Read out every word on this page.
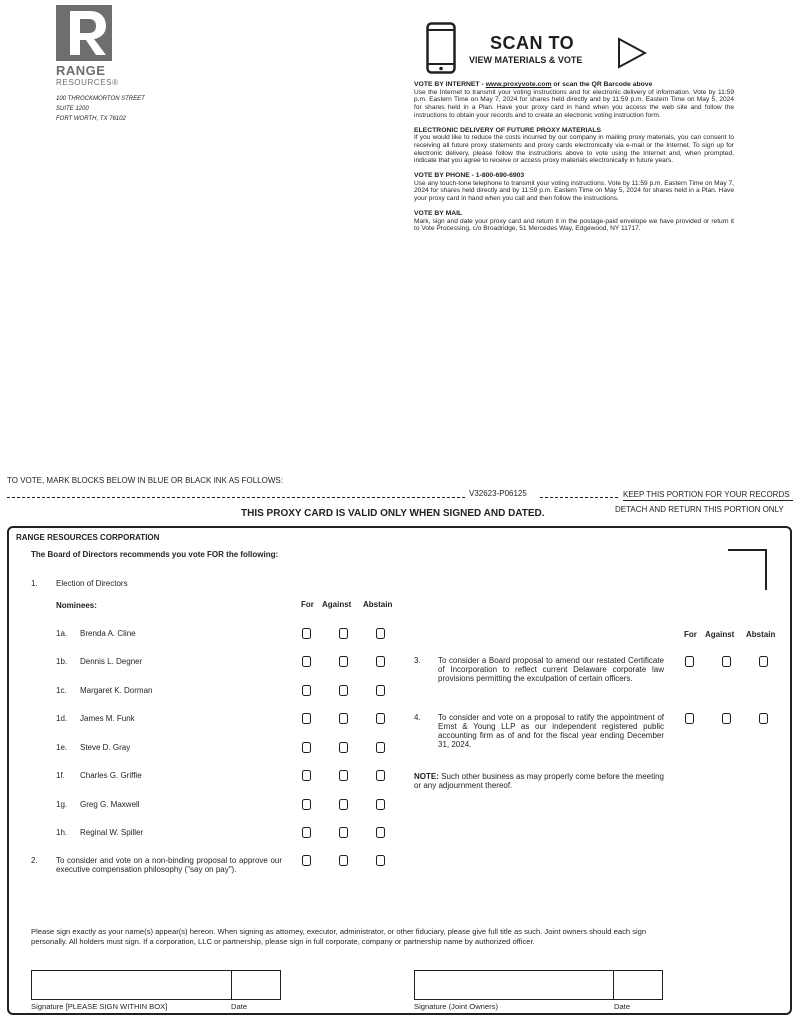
RANGE
RESOURCES®
100 THROCKMORTON STREET
SUITE 1200
FORT WORTH, TX 76102
SCAN TO
VIEW MATERIALS & VOTE
VOTE BY INTERNET - www.proxyvote.com or scan the QR Barcode above
Use the Internet to transmit your voting instructions and for electronic delivery of information. Vote by 11:59 p.m. Eastern Time on May 7, 2024 for shares held directly and by 11:59 p.m. Eastern Time on May 5, 2024 for shares held in a Plan. Have your proxy card in hand when you access the web site and follow the instructions to obtain your records and to create an electronic voting instruction form.
ELECTRONIC DELIVERY OF FUTURE PROXY MATERIALS
If you would like to reduce the costs incurred by our company in mailing proxy materials, you can consent to receiving all future proxy statements and proxy cards electronically via e-mail or the Internet. To sign up for electronic delivery, please follow the instructions above to vote using the Internet and, when prompted, indicate that you agree to receive or access proxy materials electronically in future years.
VOTE BY PHONE - 1-800-690-6903
Use any touch-tone telephone to transmit your voting instructions. Vote by 11:59 p.m. Eastern Time on May 7, 2024 for shares held directly and by 11:59 p.m. Eastern Time on May 5, 2024 for shares held in a Plan. Have your proxy card in hand when you call and then follow the instructions.
VOTE BY MAIL
Mark, sign and date your proxy card and return it in the postage-paid envelope we have provided or return it to Vote Processing, c/o Broadridge, 51 Mercedes Way, Edgewood, NY 11717.
TO VOTE, MARK BLOCKS BELOW IN BLUE OR BLACK INK AS FOLLOWS:
V32623-P06125	KEEP THIS PORTION FOR YOUR RECORDS
DETACH AND RETURN THIS PORTION ONLY
THIS PROXY CARD IS VALID ONLY WHEN SIGNED AND DATED.
RANGE RESOURCES CORPORATION
The Board of Directors recommends you vote FOR the following:
1. Election of Directors
Nominees:	For Against Abstain
1a. Brenda A. Cline
1b. Dennis L. Degner
1c. Margaret K. Dorman
1d. James M. Funk
1e. Steve D. Gray
1f. Charles G. Griffie
1g. Greg G. Maxwell
1h. Reginal W. Spiller
2. To consider and vote on a non-binding proposal to approve our executive compensation philosophy ("say on pay").
For Against Abstain
3. To consider a Board proposal to amend our restated Certificate of Incorporation to reflect current Delaware corporate law provisions permitting the exculpation of certain officers.
4. To consider and vote on a proposal to ratify the appointment of Ernst & Young LLP as our independent registered public accounting firm as of and for the fiscal year ending December 31, 2024.
NOTE: Such other business as may properly come before the meeting or any adjournment thereof.
Please sign exactly as your name(s) appear(s) hereon. When signing as attorney, executor, administrator, or other fiduciary, please give full title as such. Joint owners should each sign personally. All holders must sign. If a corporation, LLC or partnership, please sign in full corporate, company or partnership name by authorized officer.
Signature [PLEASE SIGN WITHIN BOX]	Date	Signature (Joint Owners)	Date
